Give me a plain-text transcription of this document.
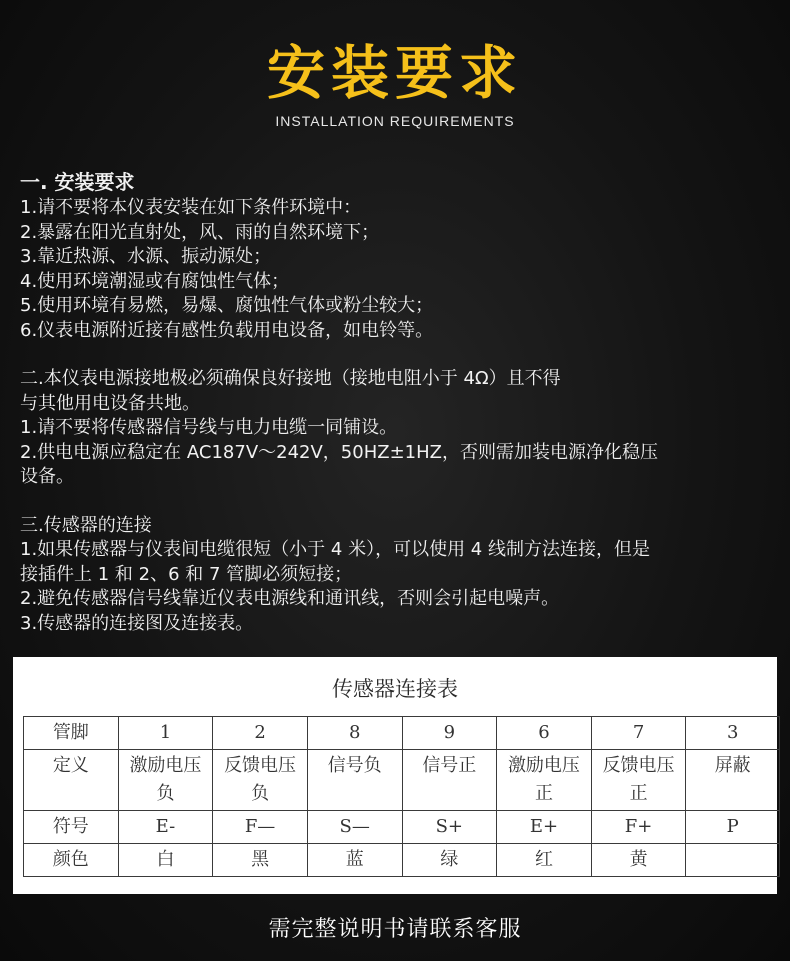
安装要求
INSTALLATION REQUIREMENTS

一. 安装要求

1.请不要将本仪表安装在如下条件环境中：

2.暴露在阳光直射处，风、雨的自然环境下；

3.靠近热源、水源、振动源处；

4.使用环境潮湿或有腐蚀性气体；

5.使用环境有易燃，易爆、腐蚀性气体或粉尘较大；

6.仪表电源附近接有感性负载用电设备，如电铃等。

二.本仪表电源接地极必须确保良好接地（接地电阻小于 4Ω）且不得

与其他用电设备共地。

1.请不要将传感器信号线与电力电缆一同铺设。

2.供电电源应稳定在 AC187V～242V，50HZ±1HZ，否则需加装电源净化稳压

设备。

三.传感器的连接

1.如果传感器与仪表间电缆很短（小于 4 米），可以使用 4 线制方法连接，但是

接插件上 1 和 2、6 和 7 管脚必须短接；

2.避免传感器信号线靠近仪表电源线和通讯线，否则会引起电噪声。

3.传感器的连接图及连接表。

传感器连接表
管脚	1	2	8	9	6	7	3
定义	激励电压负	反馈电压负	信号负	信号正	激励电压正	反馈电压正	屏蔽
符号	E-	F—	S—	S+	E+	F+	P
颜色	白	黑	蓝	绿	红	黄	
需完整说明书请联系客服
